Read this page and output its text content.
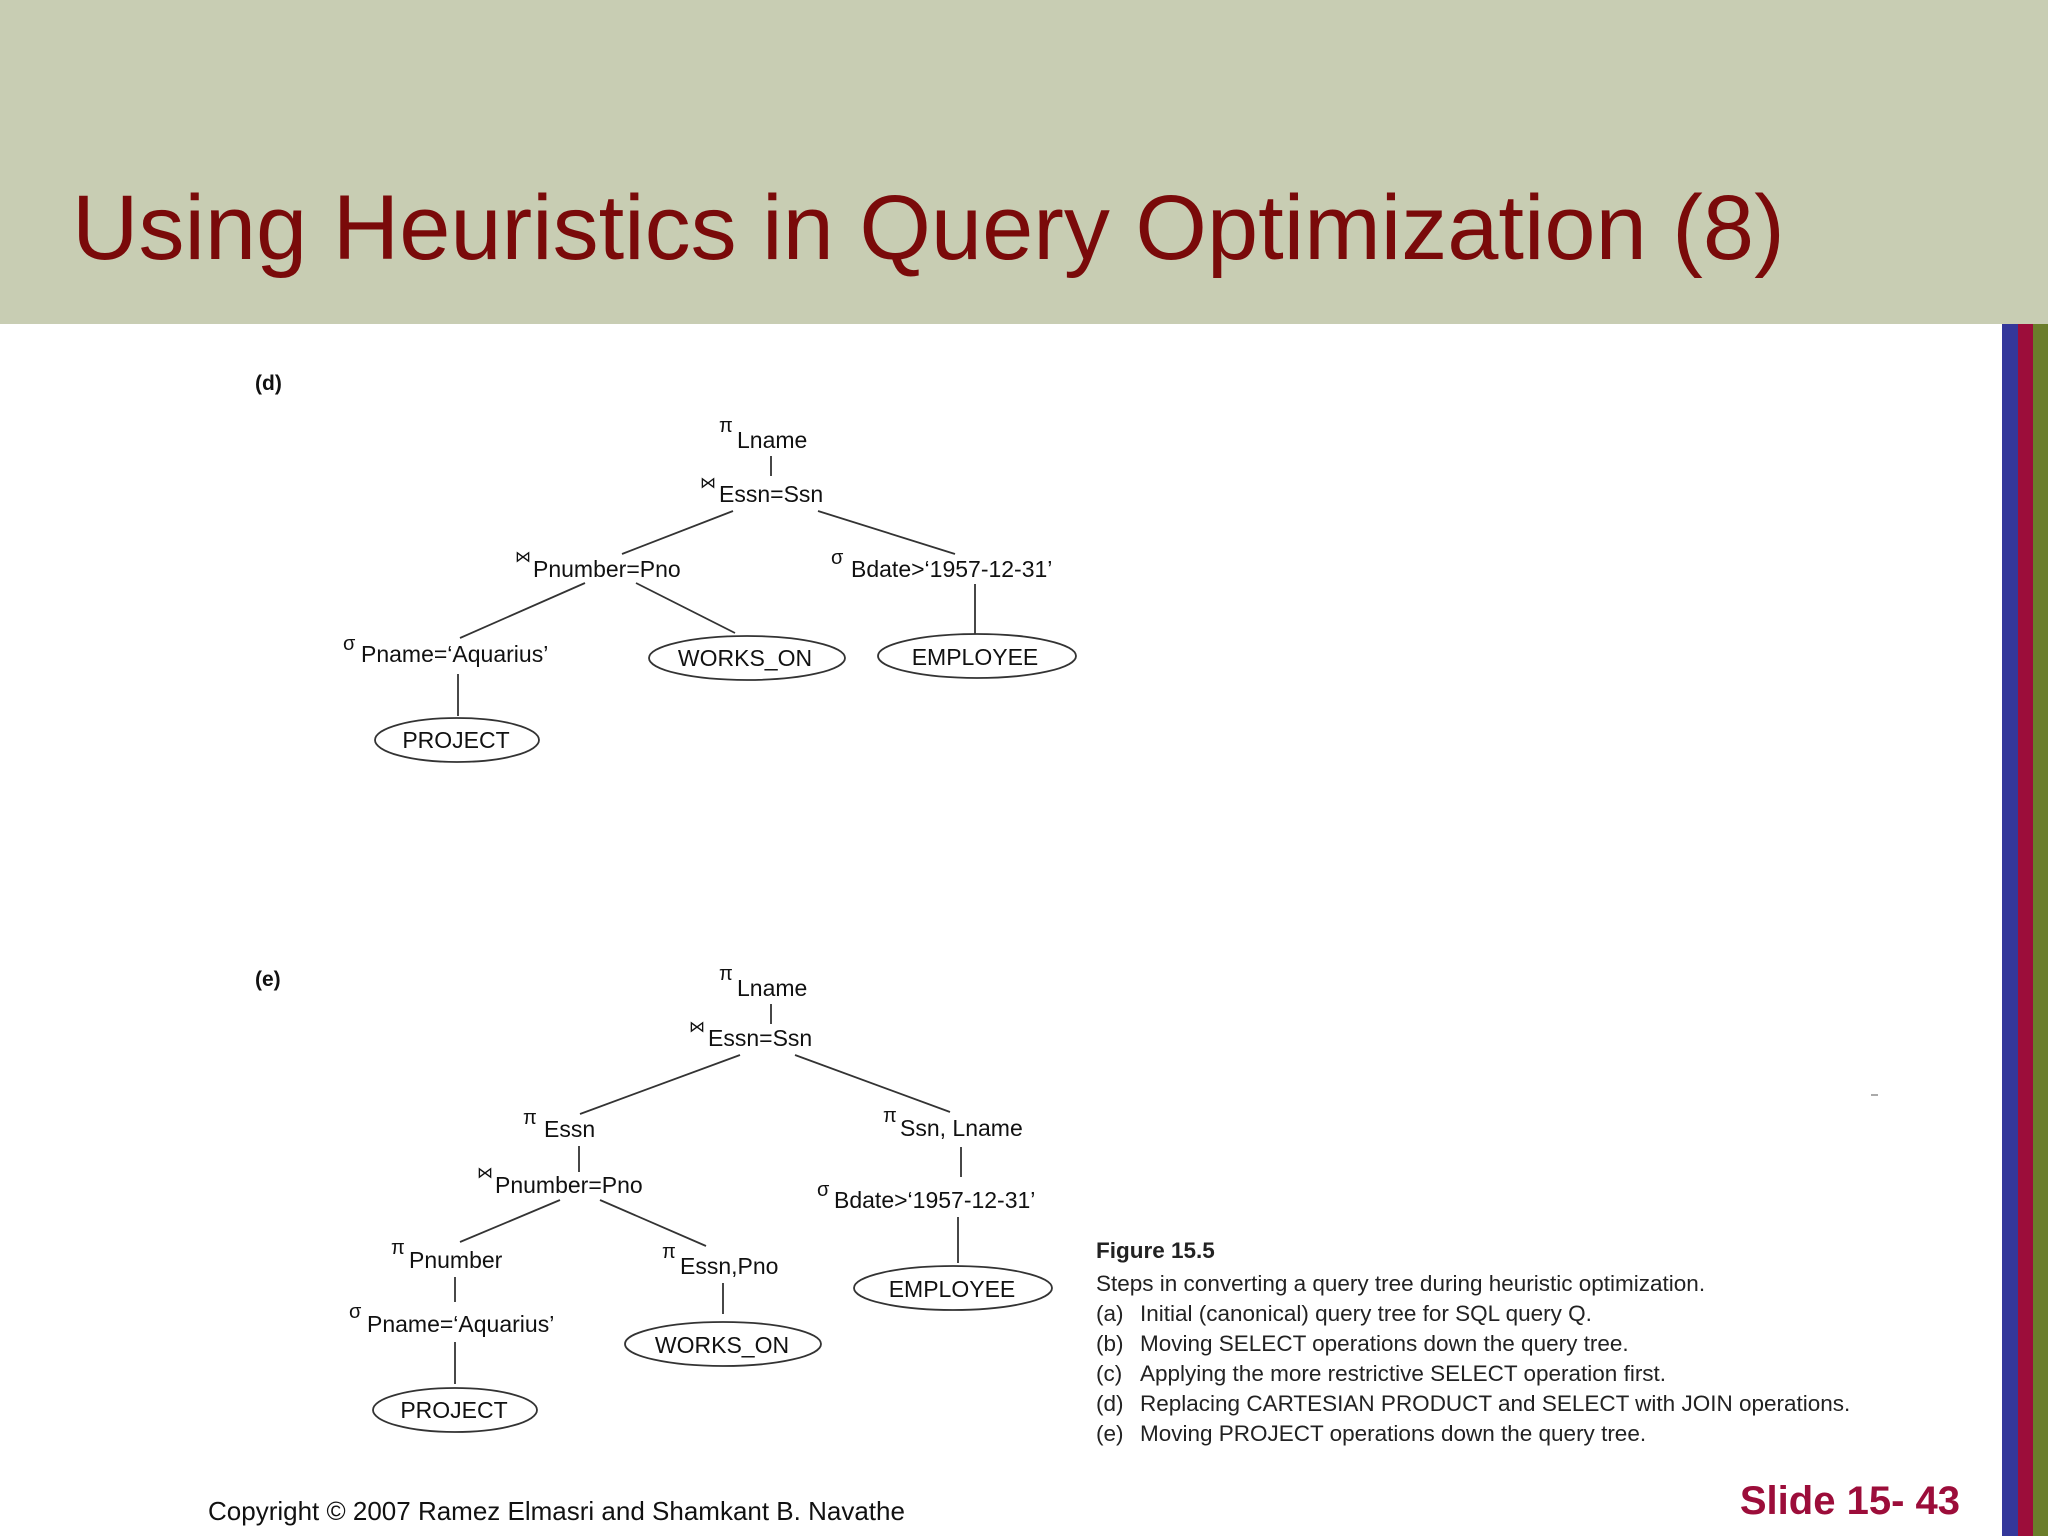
Using Heuristics in Query Optimization (8)
(d)
π
Lname
⋈ Essn=Ssn
⋈ Pnumber=Pno	σ Bdate>‘1957-12-31’
σ Pname=‘Aquarius’	WORKS_ON	EMPLOYEE
PROJECT
(e)	π
Lname
⋈ Essn=Ssn
π Essn	π Ssn, Lname
⋈ Pnumber=Pno	σ Bdate>‘1957-12-31’
π Pnumber	π
Essn,Pno
EMPLOYEE
σ Pname=‘Aquarius’
WORKS_ON
PROJECT
Figure 15.5
Steps in converting a query tree during heuristic optimization.
(a) Initial (canonical) query tree for SQL query Q.
(b) Moving SELECT operations down the query tree.
(c) Applying the more restrictive SELECT operation first.
(d) Replacing CARTESIAN PRODUCT and SELECT with JOIN operations.
(e) Moving PROJECT operations down the query tree.
Copyright © 2007 Ramez Elmasri and Shamkant B. Navathe	Slide 15- 43
